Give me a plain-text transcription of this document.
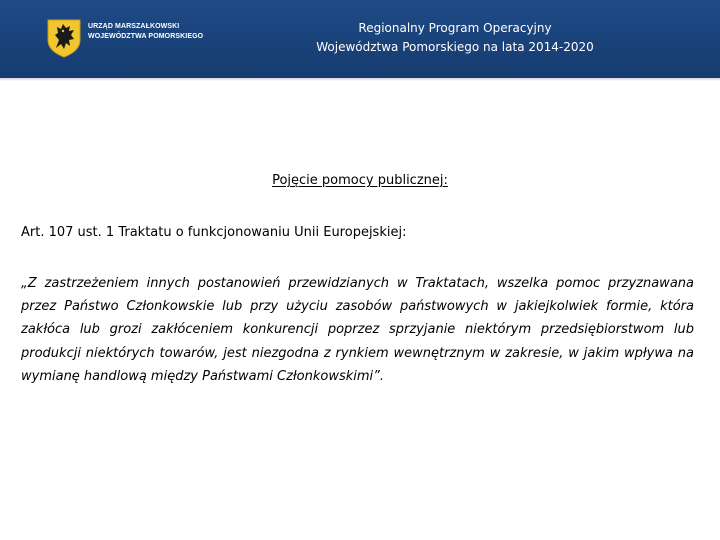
URZĄD MARSZAŁKOWSKI
WOJEWÓDZTWA POMORSKIEGO
Regionalny Program Operacyjny
Województwa Pomorskiego na lata 2014-2020
Pojęcie pomocy publicznej:
Art. 107 ust. 1 Traktatu o funkcjonowaniu Unii Europejskiej:
„Z zastrzeżeniem innych postanowień przewidzianych w Traktatach, wszelka pomoc przyznawana przez Państwo Członkowskie lub przy użyciu zasobów państwowych w jakiejkolwiek formie, która zakłóca lub grozi zakłóceniem konkurencji poprzez sprzyjanie niektórym przedsiębiorstwom lub produkcji niektórych towarów, jest niezgodna z rynkiem wewnętrznym w zakresie, w jakim wpływa na wymianę handlową między Państwami Członkowskimi”.
